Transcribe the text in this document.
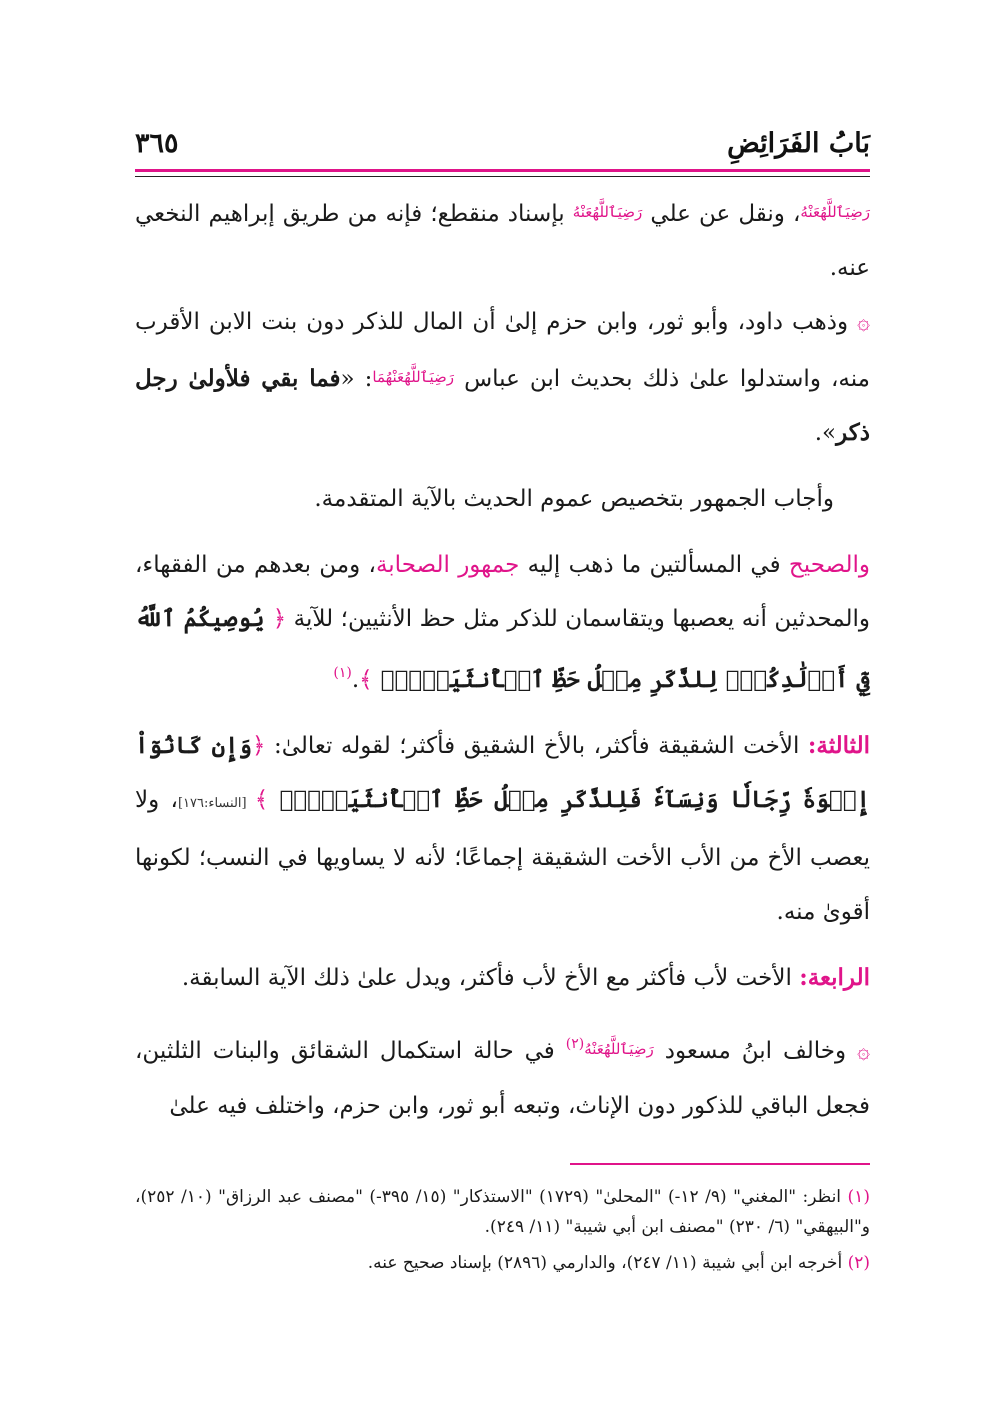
بَابُ الفَرَائِضِ
٣٦٥

رَضِيَٱللَّهُعَنْهُ، ونقل عن علي رَضِيَٱللَّهُعَنْهُ بإسناد منقطع؛ فإنه من طريق إبراهيم النخعي عنه.

۞ وذهب داود، وأبو ثور، وابن حزم إلىٰ أن المال للذكر دون بنت الابن الأقرب منه، واستدلوا علىٰ ذلك بحديث ابن عباس رَضِيَٱللَّهُعَنْهُمَا: «فما بقي فلأولىٰ رجل ذكر».

وأجاب الجمهور بتخصيص عموم الحديث بالآية المتقدمة.

والصحيح في المسألتين ما ذهب إليه جمهور الصحابة، ومن بعدهم من الفقهاء، والمحدثين أنه يعصبها ويتقاسمان للذكر مثل حظ الأنثيين؛ للآية ﴿ يُوصِيكُمُ ٱللَّهُ فِيٓ أَوۡلَٰدِكُمۡۖ لِلذَّكَرِ مِثۡلُ حَظِّ ٱلۡأُنثَيَيۡنِۚ ﴾.$^{(١)}$

الثالثة: الأخت الشقيقة فأكثر، بالأخ الشقيق فأكثر؛ لقوله تعالىٰ: ﴿وَإِن كَانُوٓاْ إِخۡوَةٗ رِّجَالٗا وَنِسَآءٗ فَلِلذَّكَرِ مِثۡلُ حَظِّ ٱلۡأُنثَيَيۡنِۗ ﴾ [النساء:١٧٦]، ولا يعصب الأخ من الأب الأخت الشقيقة إجماعًا؛ لأنه لا يساويها في النسب؛ لكونها أقوىٰ منه.

الرابعة: الأخت لأب فأكثر مع الأخ لأب فأكثر، ويدل علىٰ ذلك الآية السابقة.

۞ وخالف ابنُ مسعود رَضِيَٱللَّهُعَنْهُ$^{(٢)}$ في حالة استكمال الشقائق والبنات الثلثين، فجعل الباقي للذكور دون الإناث، وتبعه أبو ثور، وابن حزم، واختلف فيه علىٰ

(١) انظر: "المغني" (٩/ ١٢-) "المحلىٰ" (١٧٢٩) "الاستذكار" (١٥/ ٣٩٥-) "مصنف عبد الرزاق" (١٠/ ٢٥٢)، و"البيهقي" (٦/ ٢٣٠) "مصنف ابن أبي شيبة" (١١/ ٢٤٩).

(٢) أخرجه ابن أبي شيبة (١١/ ٢٤٧)، والدارمي (٢٨٩٦) بإسناد صحيح عنه.
